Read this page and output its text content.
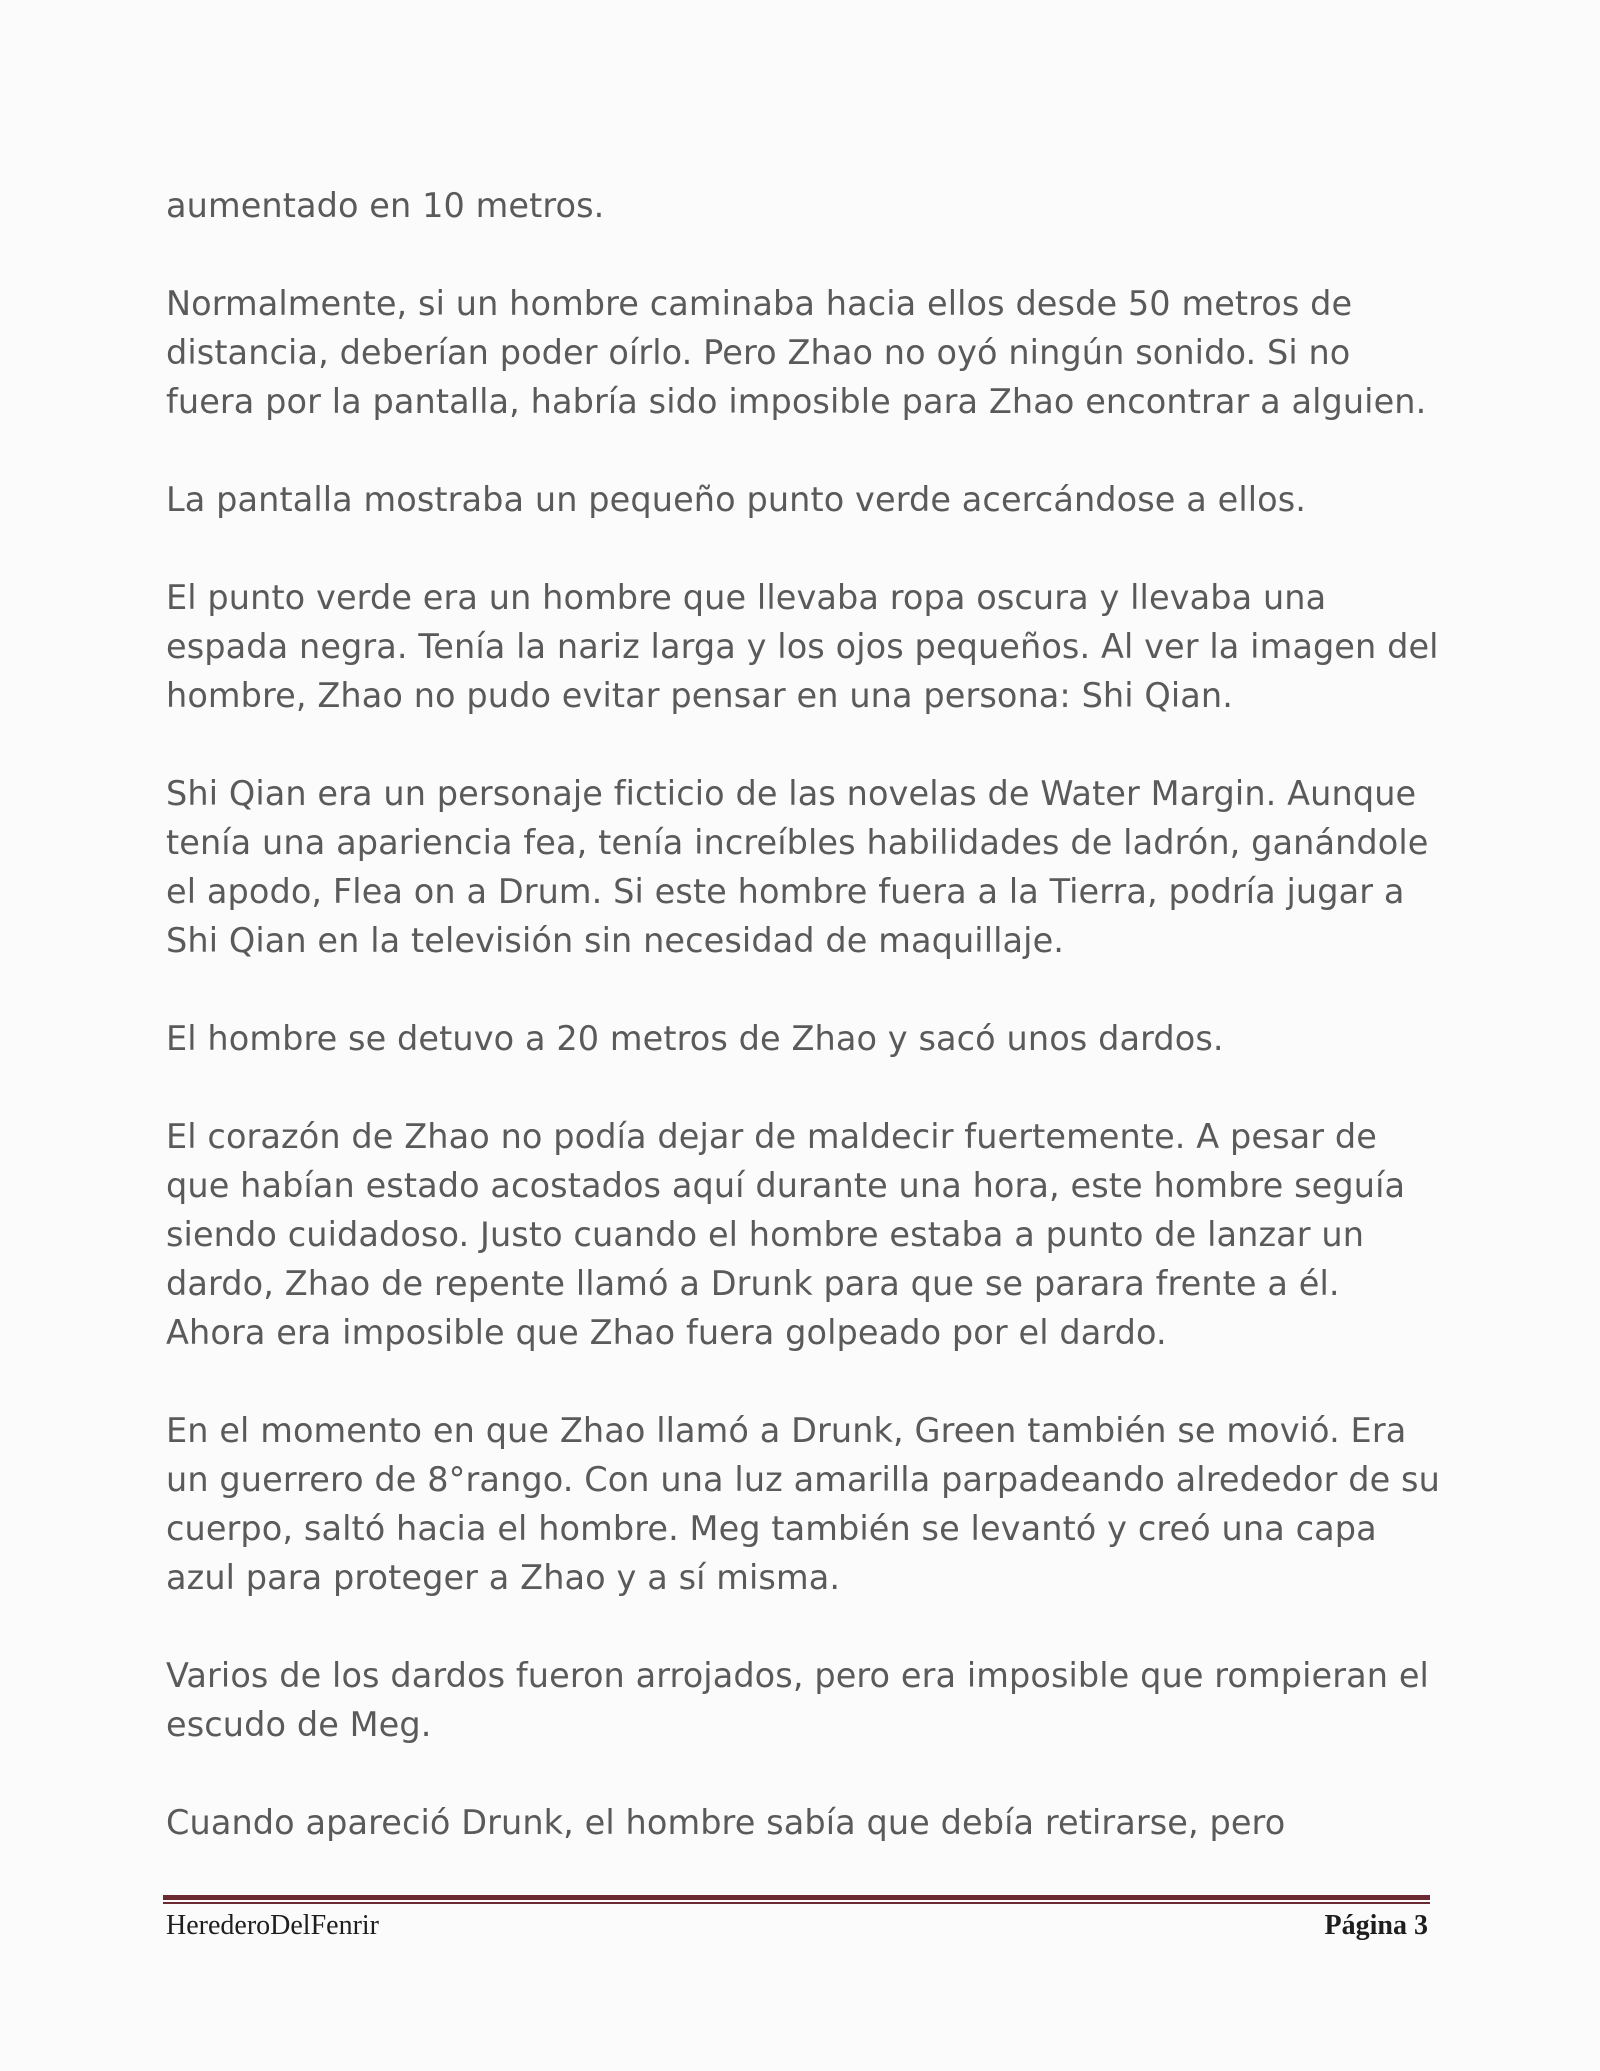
aumentado en 10 metros.

Normalmente, si un hombre caminaba hacia ellos desde 50 metros de distancia, deberían poder oírlo. Pero Zhao no oyó ningún sonido. Si no fuera por la pantalla, habría sido imposible para Zhao encontrar a alguien.

La pantalla mostraba un pequeño punto verde acercándose a ellos.

El punto verde era un hombre que llevaba ropa oscura y llevaba una espada negra. Tenía la nariz larga y los ojos pequeños. Al ver la imagen del hombre, Zhao no pudo evitar pensar en una persona: Shi Qian.

Shi Qian era un personaje ficticio de las novelas de Water Margin. Aunque tenía una apariencia fea, tenía increíbles habilidades de ladrón, ganándole el apodo, Flea on a Drum. Si este hombre fuera a la Tierra, podría jugar a Shi Qian en la televisión sin necesidad de maquillaje.

El hombre se detuvo a 20 metros de Zhao y sacó unos dardos.

El corazón de Zhao no podía dejar de maldecir fuertemente. A pesar de que habían estado acostados aquí durante una hora, este hombre seguía siendo cuidadoso. Justo cuando el hombre estaba a punto de lanzar un dardo, Zhao de repente llamó a Drunk para que se parara frente a él. Ahora era imposible que Zhao fuera golpeado por el dardo.

En el momento en que Zhao llamó a Drunk, Green también se movió. Era un guerrero de 8°rango. Con una luz amarilla parpadeando alrededor de su cuerpo, saltó hacia el hombre. Meg también se levantó y creó una capa azul para proteger a Zhao y a sí misma.

Varios de los dardos fueron arrojados, pero era imposible que rompieran el escudo de Meg.

Cuando apareció Drunk, el hombre sabía que debía retirarse, pero

HerederoDelFenrir	Página 3
